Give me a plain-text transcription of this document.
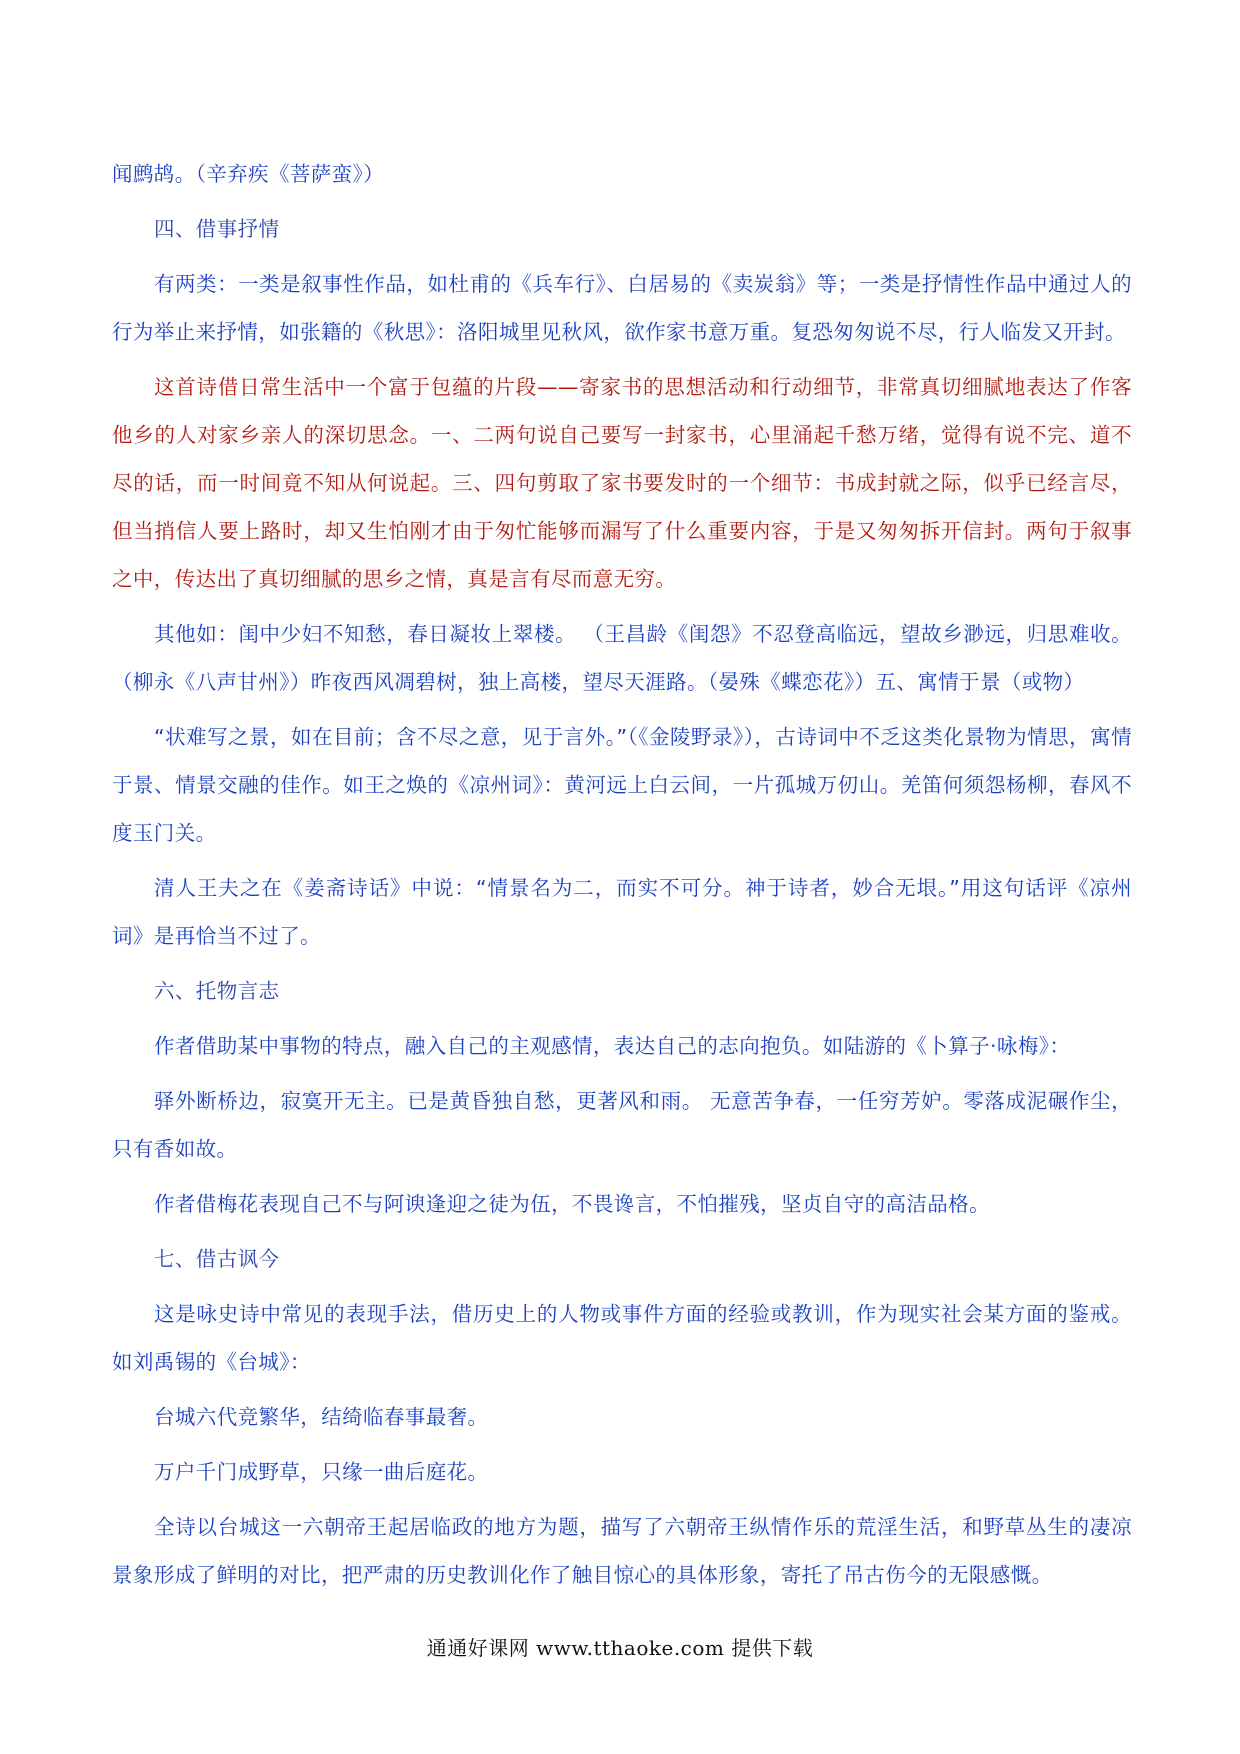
闻鹧鸪。（辛弃疾《菩萨蛮》）

四、借事抒情

有两类：一类是叙事性作品，如杜甫的《兵车行》、白居易的《卖炭翁》等；一类是抒情性作品中通过人的行为举止来抒情，如张籍的《秋思》：洛阳城里见秋风，欲作家书意万重。复恐匆匆说不尽，行人临发又开封。

这首诗借日常生活中一个富于包蕴的片段——寄家书的思想活动和行动细节，非常真切细腻地表达了作客他乡的人对家乡亲人的深切思念。一、二两句说自己要写一封家书，心里涌起千愁万绪，觉得有说不完、道不尽的话，而一时间竟不知从何说起。三、四句剪取了家书要发时的一个细节：书成封就之际，似乎已经言尽，但当捎信人要上路时，却又生怕刚才由于匆忙能够而漏写了什么重要内容，于是又匆匆拆开信封。两句于叙事之中，传达出了真切细腻的思乡之情，真是言有尽而意无穷。

其他如：闺中少妇不知愁，春日凝妆上翠楼。 （王昌龄《闺怨》不忍登高临远，望故乡渺远，归思难收。（柳永《八声甘州》）昨夜西风凋碧树，独上高楼，望尽天涯路。（晏殊《蝶恋花》）五、寓情于景（或物）

“状难写之景，如在目前；含不尽之意，见于言外。”（《金陵野录》），古诗词中不乏这类化景物为情思，寓情于景、情景交融的佳作。如王之焕的《凉州词》：黄河远上白云间，一片孤城万仞山。羌笛何须怨杨柳，春风不度玉门关。

清人王夫之在《姜斋诗话》中说：“情景名为二，而实不可分。神于诗者，妙合无垠。”用这句话评《凉州词》是再恰当不过了。

六、托物言志

作者借助某中事物的特点，融入自己的主观感情，表达自己的志向抱负。如陆游的《卜算子·咏梅》：

驿外断桥边，寂寞开无主。已是黄昏独自愁，更著风和雨。 无意苦争春，一任穷芳妒。零落成泥碾作尘，只有香如故。

作者借梅花表现自己不与阿谀逢迎之徒为伍，不畏谗言，不怕摧残，坚贞自守的高洁品格。

七、借古讽今

这是咏史诗中常见的表现手法，借历史上的人物或事件方面的经验或教训，作为现实社会某方面的鉴戒。如刘禹锡的《台城》：

台城六代竞繁华，结绮临春事最奢。

万户千门成野草，只缘一曲后庭花。

全诗以台城这一六朝帝王起居临政的地方为题，描写了六朝帝王纵情作乐的荒淫生活，和野草丛生的凄凉景象形成了鲜明的对比，把严肃的历史教训化作了触目惊心的具体形象，寄托了吊古伤今的无限感慨。

通通好课网 www.tthaoke.com 提供下载
